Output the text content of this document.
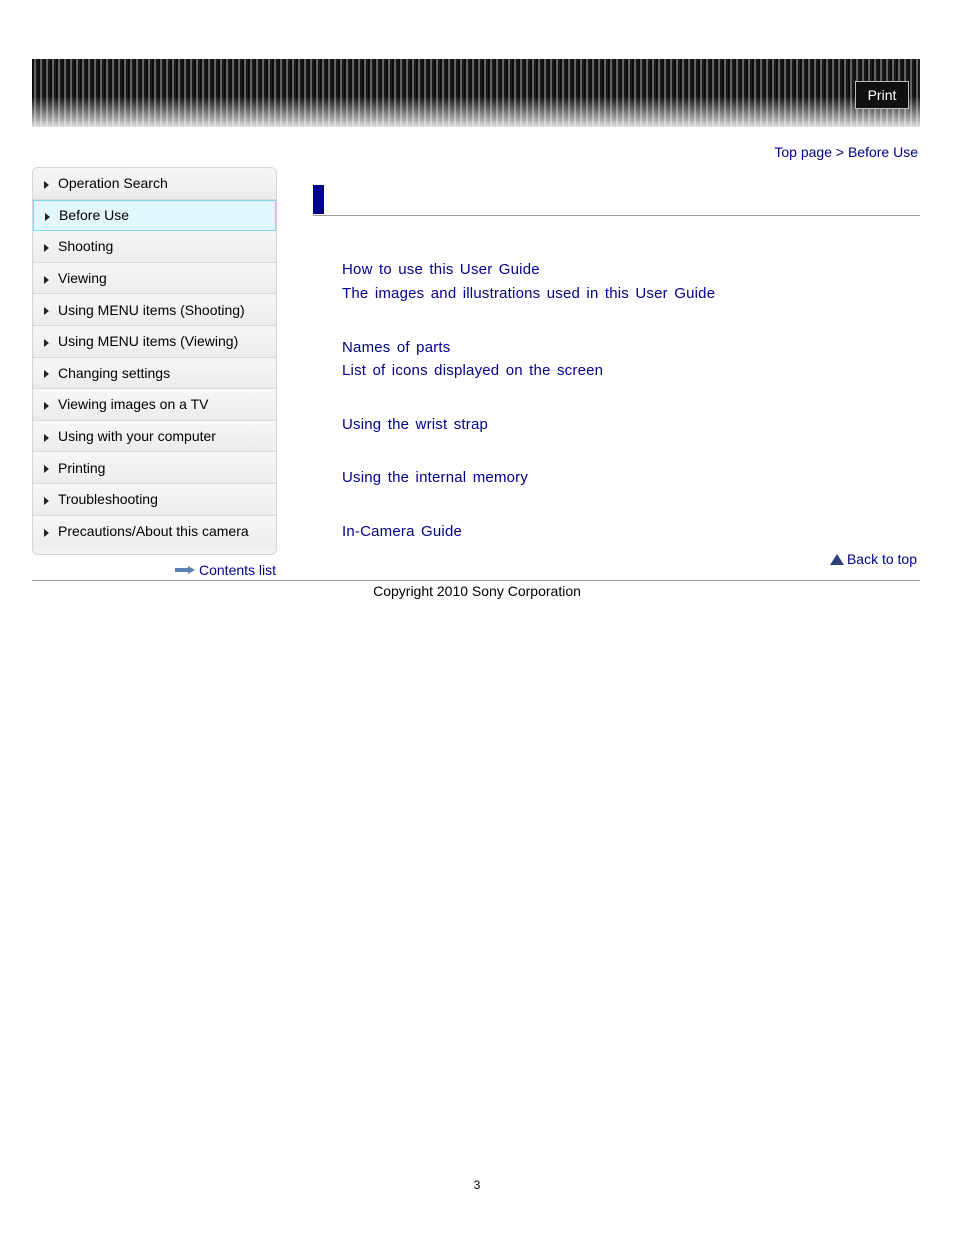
Print
Top page > Before Use
Operation Search
Before Use
Shooting
Viewing
Using MENU items (Shooting)
Using MENU items (Viewing)
Changing settings
Viewing images on a TV
Using with your computer
Printing
Troubleshooting
Precautions/About this camera
Contents list
How to use this User Guide
The images and illustrations used in this User Guide
Names of parts
List of icons displayed on the screen
Using the wrist strap
Using the internal memory
In-Camera Guide
Back to top
Copyright 2010 Sony Corporation
3
